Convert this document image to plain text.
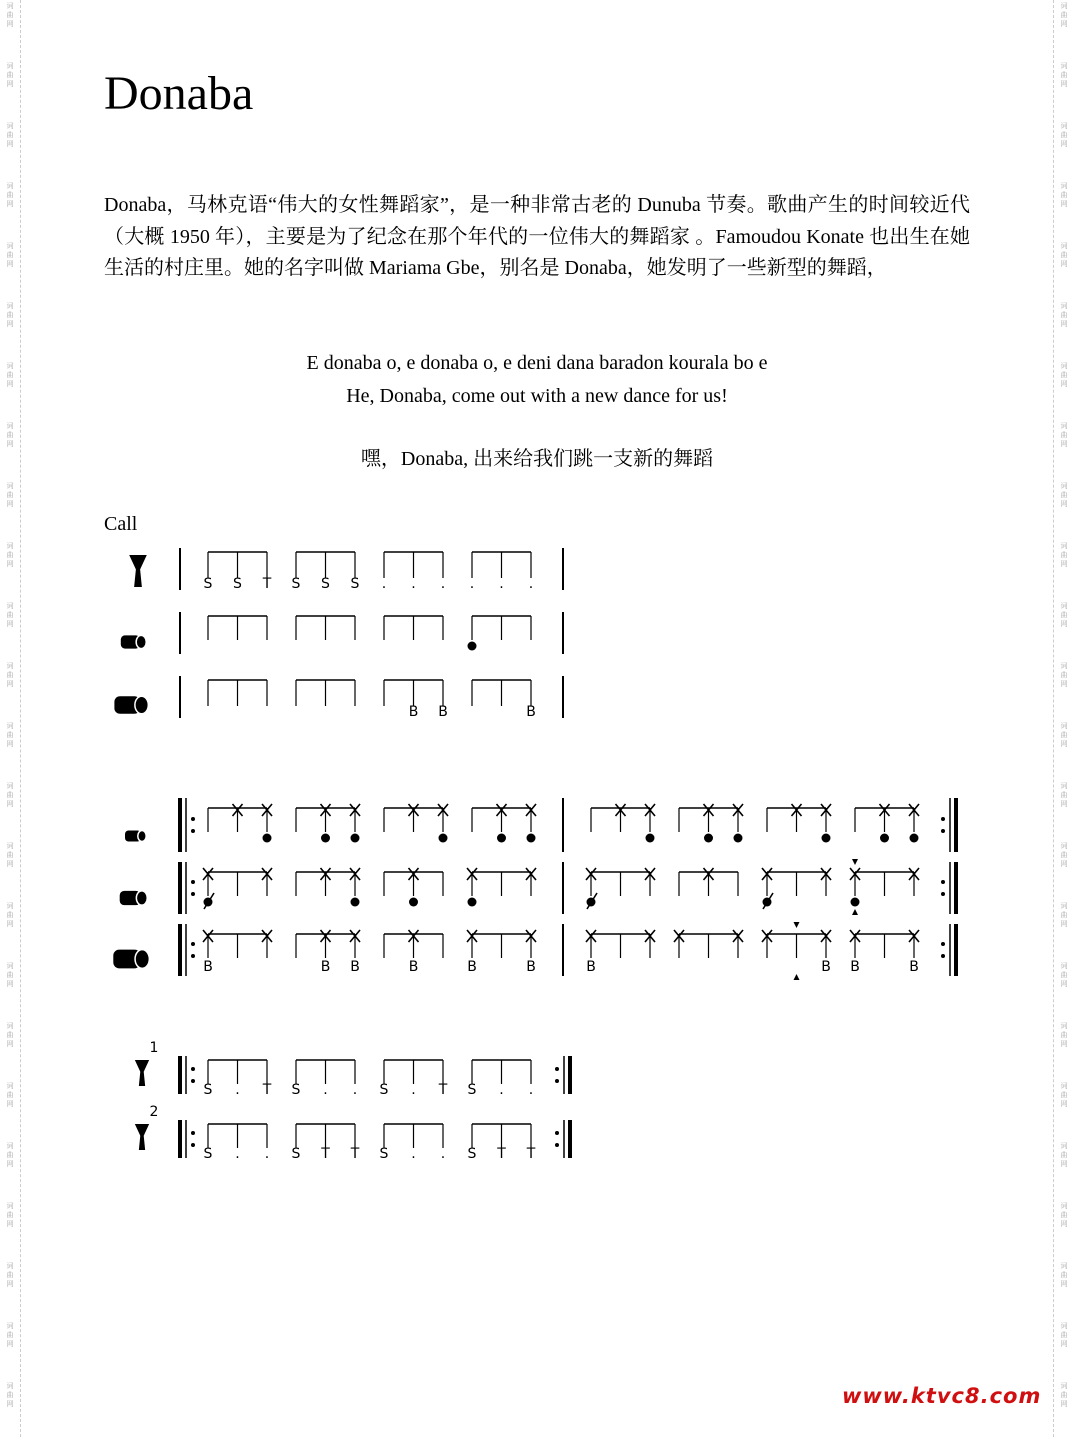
词
曲
网
词
曲
网
词
曲
网
词
曲
网
词
曲
网
词
曲
网
词
曲
网
词
曲
网
词
曲
网
词
曲
网
词
曲
网
词
曲
网
词
曲
网
词
曲
网
词
曲
网
词
曲
网
词
曲
网
词
曲
网
词
曲
网
词
曲
网
词
曲
网
词
曲
网
词
曲
网
词
曲
网
词
曲
网
词
曲
网
词
曲
网
词
曲
网
词
曲
网
词
曲
网
词
曲
网
词
曲
网
词
曲
网
词
曲
网
词
曲
网
词
曲
网
词
曲
网
词
曲
网
词
曲
网
词
曲
网
词
曲
网
词
曲
网
词
曲
网
词
曲
网
词
曲
网
词
曲
网
词
曲
网
词
曲
网
Donaba

Donaba，马林克语“伟大的女性舞蹈家”，是一种非常古老的 Dunuba 节奏。歌曲产生的时间较近代（大概 1950 年），主要是为了纪念在那个年代的一位伟大的舞蹈家 。Famoudou Konate 也出生在她生活的村庄里。她的名字叫做 Mariama Gbe，别名是 Donaba，她发明了一些新型的舞蹈，

E donaba o, e donaba o, e deni dana baradon kourala bo e
He, Donaba, come out with a new dance for us!
嘿，Donaba, 出来给我们跳一支新的舞蹈
Call
S S T S S S . . . . . .
B B	B
B	B B	B	B	B	B	B B	B
1
S . T S . . S . T S . .
2
S . . S T T S . . S T T
www.ktvc8.com
